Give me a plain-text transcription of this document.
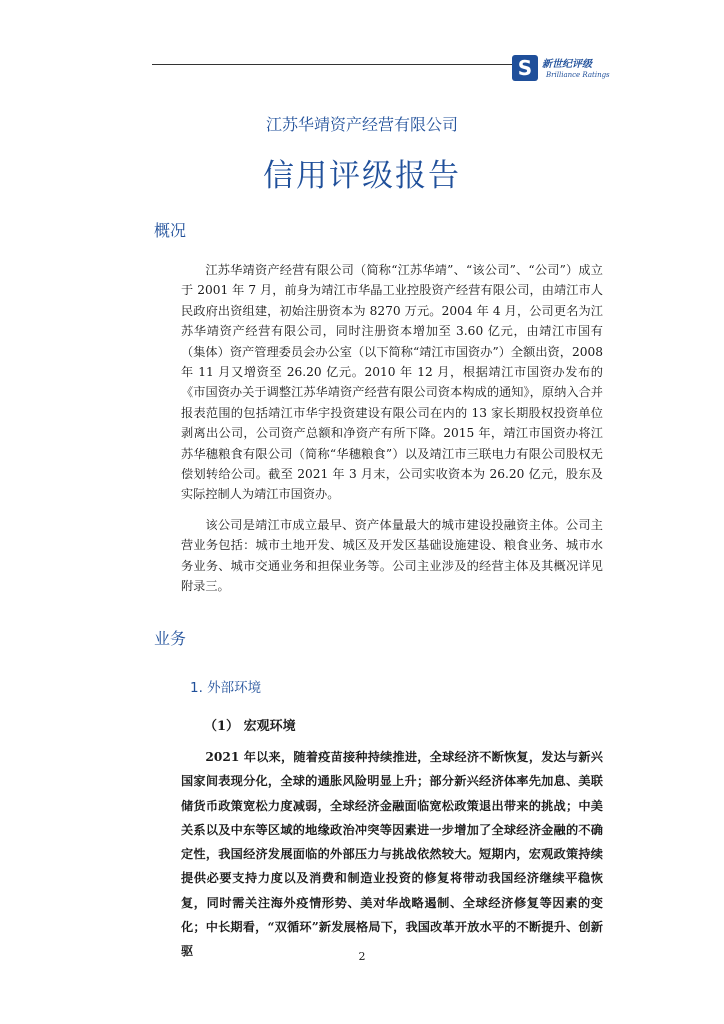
S 新世纪评级
Brilliance Ratings
江苏华靖资产经营有限公司
信用评级报告
概况

江苏华靖资产经营有限公司（简称“江苏华靖”、“该公司”、“公司”）成立于 2001 年 7 月，前身为靖江市华晶工业控股资产经营有限公司，由靖江市人民政府出资组建，初始注册资本为 8270 万元。2004 年 4 月，公司更名为江苏华靖资产经营有限公司，同时注册资本增加至 3.60 亿元，由靖江市国有（集体）资产管理委员会办公室（以下简称“靖江市国资办”）全额出资，2008 年 11 月又增资至 26.20 亿元。2010 年 12 月，根据靖江市国资办发布的《市国资办关于调整江苏华靖资产经营有限公司资本构成的通知》，原纳入合并报表范围的包括靖江市华宇投资建设有限公司在内的 13 家长期股权投资单位剥离出公司，公司资产总额和净资产有所下降。2015 年，靖江市国资办将江苏华穗粮食有限公司（简称“华穗粮食”）以及靖江市三联电力有限公司股权无偿划转给公司。截至 2021 年 3 月末，公司实收资本为 26.20 亿元，股东及实际控制人为靖江市国资办。

该公司是靖江市成立最早、资产体量最大的城市建设投融资主体。公司主营业务包括：城市土地开发、城区及开发区基础设施建设、粮食业务、城市水务业务、城市交通业务和担保业务等。公司主业涉及的经营主体及其概况详见附录三。

业务
1. 外部环境
（1） 宏观环境

2021 年以来，随着疫苗接种持续推进，全球经济不断恢复，发达与新兴国家间表现分化，全球的通胀风险明显上升；部分新兴经济体率先加息、美联储货币政策宽松力度减弱，全球经济金融面临宽松政策退出带来的挑战；中美关系以及中东等区域的地缘政治冲突等因素进一步增加了全球经济金融的不确定性，我国经济发展面临的外部压力与挑战依然较大。短期内，宏观政策持续提供必要支持力度以及消费和制造业投资的修复将带动我国经济继续平稳恢复，同时需关注海外疫情形势、美对华战略遏制、全球经济修复等因素的变化；中长期看，“双循环”新发展格局下，我国改革开放水平的不断提升、创新驱	2
